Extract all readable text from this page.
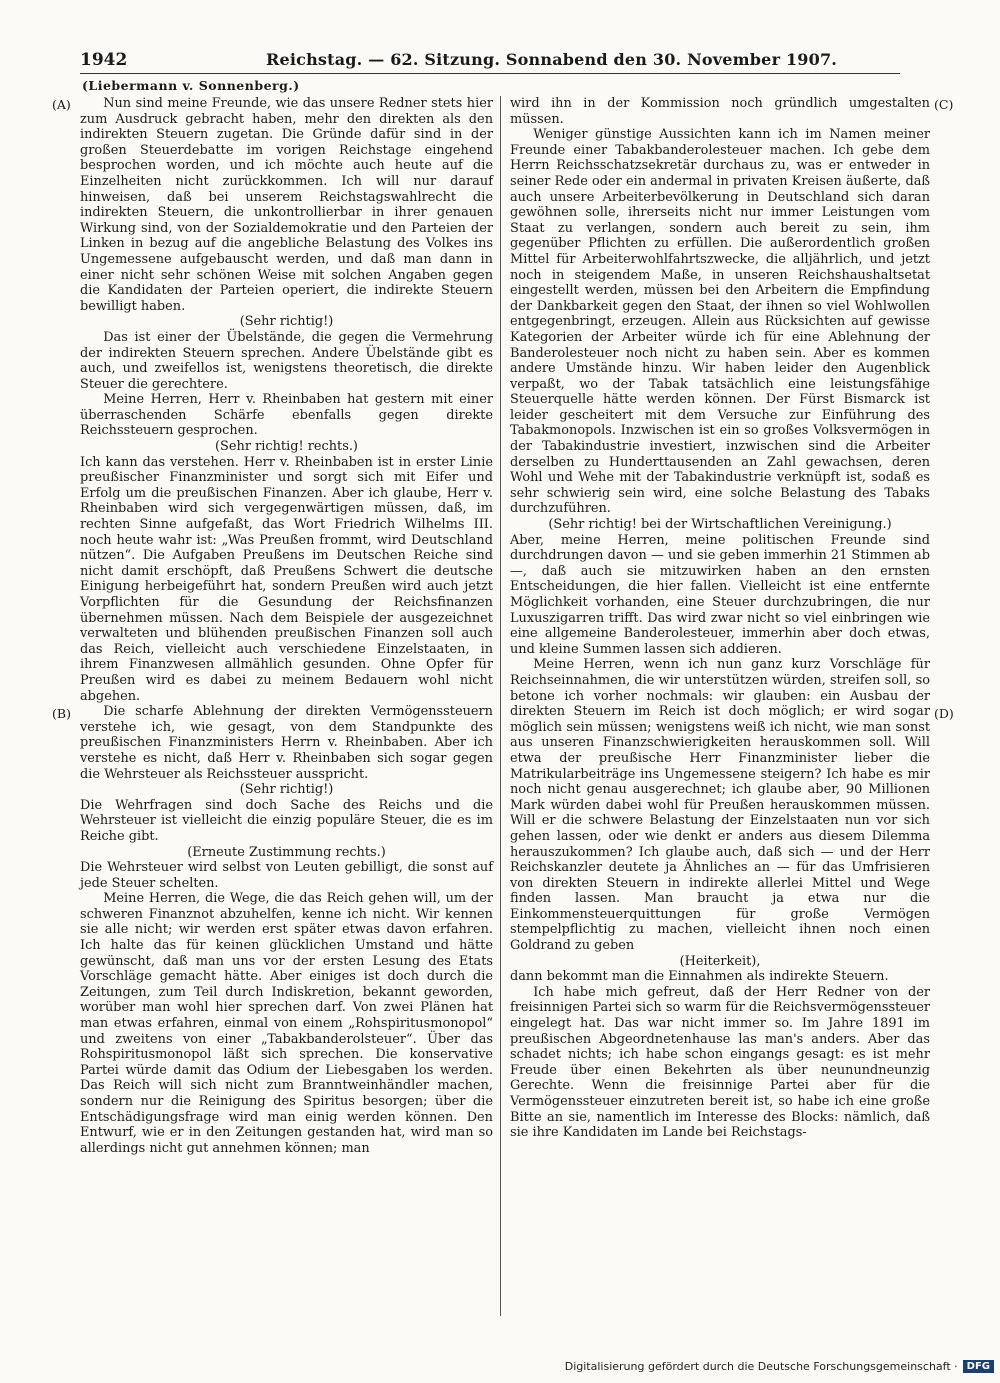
1942	Reichstag. — 62. Sitzung. Sonnabend den 30. November 1907.
(Liebermann v. Sonnenberg.)

Nun sind meine Freunde, wie das unsere Redner stets hier zum Ausdruck gebracht haben, mehr den direkten als den indirekten Steuern zugetan. Die Gründe dafür sind in der großen Steuerdebatte im vorigen Reichstage eingehend besprochen worden, und ich möchte auch heute auf die Einzelheiten nicht zurückkommen. Ich will nur darauf hinweisen, daß bei unserem Reichstagswahlrecht die indirekten Steuern, die unkontrollierbar in ihrer genauen Wirkung sind, von der Sozialdemokratie und den Parteien der Linken in bezug auf die angebliche Belastung des Volkes ins Ungemessene aufgebauscht werden, und daß man dann in einer nicht sehr schönen Weise mit solchen Angaben gegen die Kandidaten der Parteien operiert, die indirekte Steuern bewilligt haben.

(Sehr richtig!)

Das ist einer der Übelstände, die gegen die Vermehrung der indirekten Steuern sprechen. Andere Übelstände gibt es auch, und zweifellos ist, wenigstens theoretisch, die direkte Steuer die gerechtere.

Meine Herren, Herr v. Rheinbaben hat gestern mit einer überraschenden Schärfe ebenfalls gegen direkte Reichssteuern gesprochen.

(Sehr richtig! rechts.)

Ich kann das verstehen. Herr v. Rheinbaben ist in erster Linie preußischer Finanzminister und sorgt sich mit Eifer und Erfolg um die preußischen Finanzen. Aber ich glaube, Herr v. Rheinbaben wird sich vergegenwärtigen müssen, daß, im rechten Sinne aufgefaßt, das Wort Friedrich Wilhelms III. noch heute wahr ist: „Was Preußen frommt, wird Deutschland nützen“. Die Aufgaben Preußens im Deutschen Reiche sind nicht damit erschöpft, daß Preußens Schwert die deutsche Einigung herbeigeführt hat, sondern Preußen wird auch jetzt Vorpflichten für die Gesundung der Reichsfinanzen übernehmen müssen. Nach dem Beispiele der ausgezeichnet verwalteten und blühenden preußischen Finanzen soll auch das Reich, vielleicht auch verschiedene Einzelstaaten, in ihrem Finanzwesen allmählich gesunden. Ohne Opfer für Preußen wird es dabei zu meinem Bedauern wohl nicht abgehen.

Die scharfe Ablehnung der direkten Vermögenssteuern verstehe ich, wie gesagt, von dem Standpunkte des preußischen Finanzministers Herrn v. Rheinbaben. Aber ich verstehe es nicht, daß Herr v. Rheinbaben sich sogar gegen die Wehrsteuer als Reichssteuer ausspricht.

(Sehr richtig!)

Die Wehrfragen sind doch Sache des Reichs und die Wehrsteuer ist vielleicht die einzig populäre Steuer, die es im Reiche gibt.

(Erneute Zustimmung rechts.)

Die Wehrsteuer wird selbst von Leuten gebilligt, die sonst auf jede Steuer schelten.

Meine Herren, die Wege, die das Reich gehen will, um der schweren Finanznot abzuhelfen, kenne ich nicht. Wir kennen sie alle nicht; wir werden erst später etwas davon erfahren. Ich halte das für keinen glücklichen Umstand und hätte gewünscht, daß man uns vor der ersten Lesung des Etats Vorschläge gemacht hätte. Aber einiges ist doch durch die Zeitungen, zum Teil durch Indiskretion, bekannt geworden, worüber man wohl hier sprechen darf. Von zwei Plänen hat man etwas erfahren, einmal von einem „Rohspiritusmonopol“ und zweitens von einer „Tabakbanderolsteuer“. Über das Rohspiritusmonopol läßt sich sprechen. Die konservative Partei würde damit das Odium der Liebesgaben los werden. Das Reich will sich nicht zum Branntweinhändler machen, sondern nur die Reinigung des Spiritus besorgen; über die Entschädigungsfrage wird man einig werden können. Den Entwurf, wie er in den Zeitungen gestanden hat, wird man so allerdings nicht gut annehmen können; man

wird ihn in der Kommission noch gründlich umgestalten müssen.

Weniger günstige Aussichten kann ich im Namen meiner Freunde einer Tabakbanderolesteuer machen. Ich gebe dem Herrn Reichsschatzsekretär durchaus zu, was er entweder in seiner Rede oder ein andermal in privaten Kreisen äußerte, daß auch unsere Arbeiterbevölkerung in Deutschland sich daran gewöhnen solle, ihrerseits nicht nur immer Leistungen vom Staat zu verlangen, sondern auch bereit zu sein, ihm gegenüber Pflichten zu erfüllen. Die außerordentlich großen Mittel für Arbeiterwohlfahrtszwecke, die alljährlich, und jetzt noch in steigendem Maße, in unseren Reichshaushaltsetat eingestellt werden, müssen bei den Arbeitern die Empfindung der Dankbarkeit gegen den Staat, der ihnen so viel Wohlwollen entgegenbringt, erzeugen. Allein aus Rücksichten auf gewisse Kategorien der Arbeiter würde ich für eine Ablehnung der Banderolesteuer noch nicht zu haben sein. Aber es kommen andere Umstände hinzu. Wir haben leider den Augenblick verpaßt, wo der Tabak tatsächlich eine leistungsfähige Steuerquelle hätte werden können. Der Fürst Bismarck ist leider gescheitert mit dem Versuche zur Einführung des Tabakmonopols. Inzwischen ist ein so großes Volksvermögen in der Tabakindustrie investiert, inzwischen sind die Arbeiter derselben zu Hunderttausenden an Zahl gewachsen, deren Wohl und Wehe mit der Tabakindustrie verknüpft ist, sodaß es sehr schwierig sein wird, eine solche Belastung des Tabaks durchzuführen.

(Sehr richtig! bei der Wirtschaftlichen Vereinigung.)

Aber, meine Herren, meine politischen Freunde sind durchdrungen davon — und sie geben immerhin 21 Stimmen ab —, daß auch sie mitzuwirken haben an den ernsten Entscheidungen, die hier fallen. Vielleicht ist eine entfernte Möglichkeit vorhanden, eine Steuer durchzubringen, die nur Luxuszigarren trifft. Das wird zwar nicht so viel einbringen wie eine allgemeine Banderolesteuer, immerhin aber doch etwas, und kleine Summen lassen sich addieren.

Meine Herren, wenn ich nun ganz kurz Vorschläge für Reichseinnahmen, die wir unterstützen würden, streifen soll, so betone ich vorher nochmals: wir glauben: ein Ausbau der direkten Steuern im Reich ist doch möglich; er wird sogar möglich sein müssen; wenigstens weiß ich nicht, wie man sonst aus unseren Finanzschwierigkeiten herauskommen soll. Will etwa der preußische Herr Finanzminister lieber die Matrikularbeiträge ins Ungemessene steigern? Ich habe es mir noch nicht genau ausgerechnet; ich glaube aber, 90 Millionen Mark würden dabei wohl für Preußen herauskommen müssen. Will er die schwere Belastung der Einzelstaaten nun vor sich gehen lassen, oder wie denkt er anders aus diesem Dilemma herauszukommen? Ich glaube auch, daß sich — und der Herr Reichskanzler deutete ja Ähnliches an — für das Umfrisieren von direkten Steuern in indirekte allerlei Mittel und Wege finden lassen. Man braucht ja etwa nur die Einkommensteuerquittungen für große Vermögen stempelpflichtig zu machen, vielleicht ihnen noch einen Goldrand zu geben

(Heiterkeit),

dann bekommt man die Einnahmen als indirekte Steuern.

Ich habe mich gefreut, daß der Herr Redner von der freisinnigen Partei sich so warm für die Reichsvermögenssteuer eingelegt hat. Das war nicht immer so. Im Jahre 1891 im preußischen Abgeordnetenhause las man's anders. Aber das schadet nichts; ich habe schon eingangs gesagt: es ist mehr Freude über einen Bekehrten als über neunundneunzig Gerechte. Wenn die freisinnige Partei aber für die Vermögenssteuer einzutreten bereit ist, so habe ich eine große Bitte an sie, namentlich im Interesse des Blocks: nämlich, daß sie ihre Kandidaten im Lande bei Reichstags-

(A)
(B)
(C)
(D)
Digitalisierung gefördert durch die Deutsche Forschungsgemeinschaft · DFG
